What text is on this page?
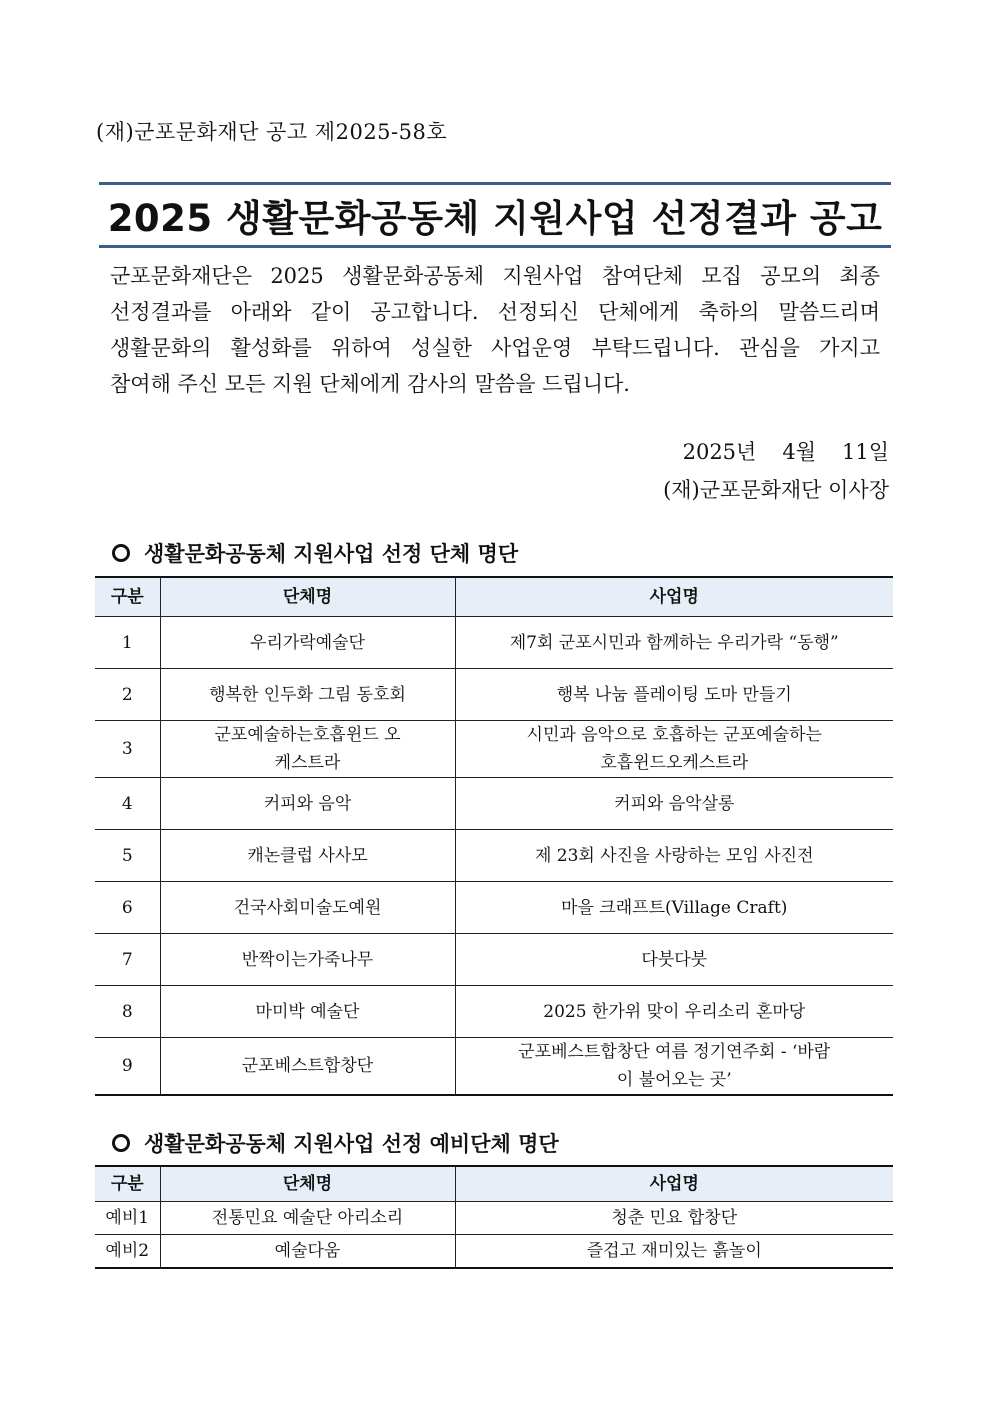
(재)군포문화재단 공고 제2025-58호
2025 생활문화공동체 지원사업 선정결과 공고

군포문화재단은 2025 생활문화공동체 지원사업 참여단체 모집 공모의 최종

선정결과를 아래와 같이 공고합니다. 선정되신 단체에게 축하의 말씀드리며

생활문화의 활성화를 위하여 성실한 사업운영 부탁드립니다. 관심을 가지고

참여해 주신 모든 지원 단체에게 감사의 말씀을 드립니다.

2025년 4월 11일
(재)군포문화재단 이사장
생활문화공동체 지원사업 선정 단체 명단
구분	단체명	사업명
1	우리가락예술단	제7회 군포시민과 함께하는 우리가락 “동행”
2	행복한 인두화 그림 동호회	행복 나눔 플레이팅 도마 만들기
3	군포예술하는호흡윈드 오케스트라	시민과 음악으로 호흡하는 군포예술하는호흡윈드오케스트라
4	커피와 음악	커피와 음악살롱
5	캐논클럽 사사모	제 23회 사진을 사랑하는 모임 사진전
6	건국사회미술도예원	마을 크래프트(Village Craft)
7	반짝이는가죽나무	다붓다붓
8	마미박 예술단	2025 한가위 맞이 우리소리 혼마당
9	군포베스트합창단	군포베스트합창단 여름 정기연주회 - ‘바람이 불어오는 곳’
생활문화공동체 지원사업 선정 예비단체 명단
구분	단체명	사업명
예비1	전통민요 예술단 아리소리	청춘 민요 합창단
예비2	예술다움	즐겁고 재미있는 흙놀이
